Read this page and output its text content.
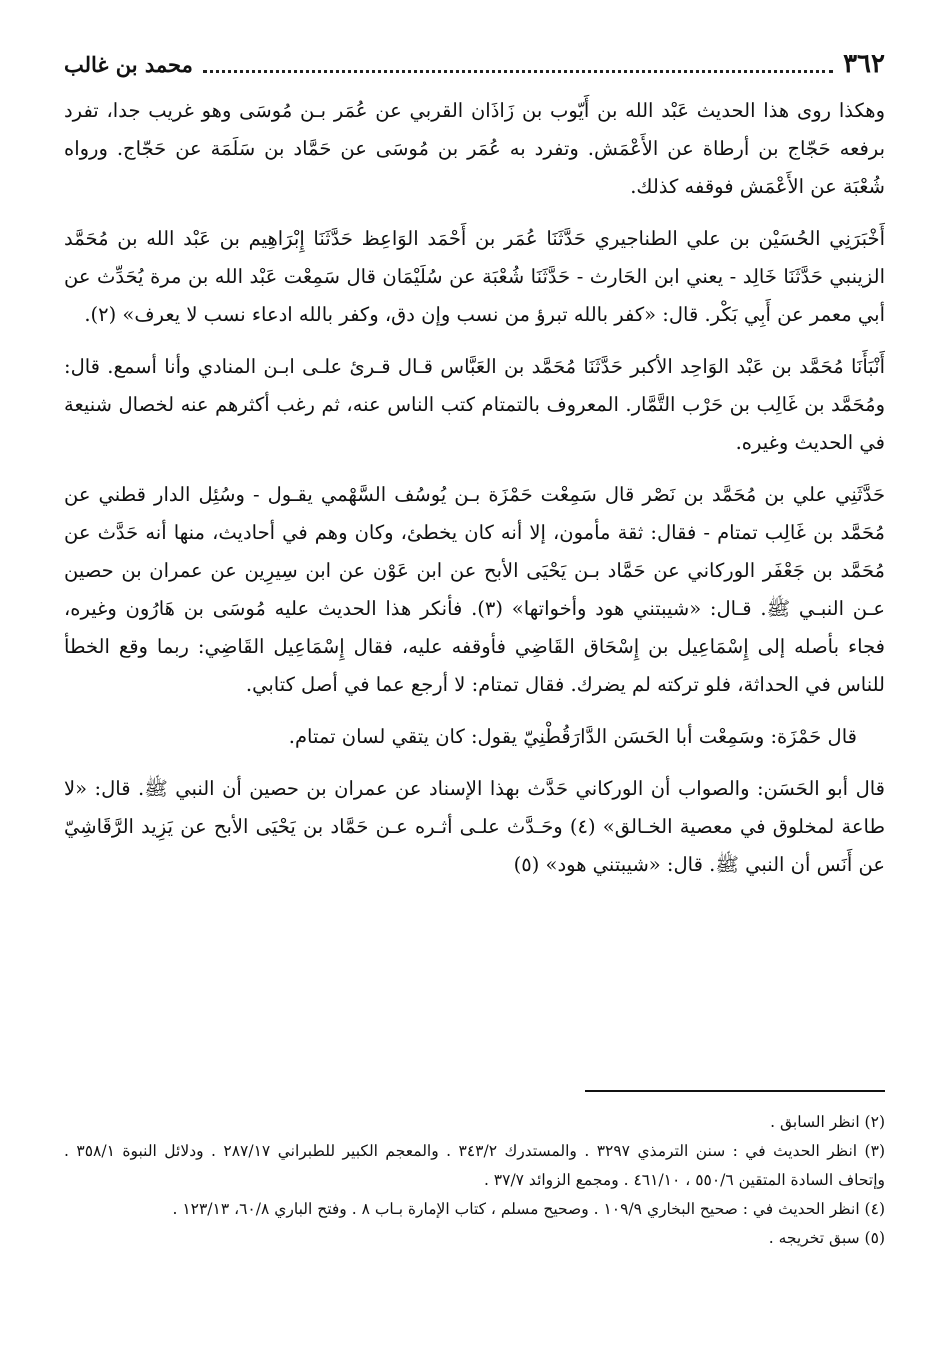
٣٦٢
محمد بن غالب

وهكذا روى هذا الحديث عَبْد الله بن أَيّوب بن زَاذَان القربي عن عُمَر بـن مُوسَى وهو غريب جدا، تفرد برفعه حَجّاج بن أرطاة عن الأَعْمَش. وتفرد به عُمَر بن مُوسَى عن حَمَّاد بن سَلَمَة عن حَجّاج. ورواه شُعْبَة عن الأَعْمَش فوقفه كذلك.

أَخْبَرَنِي الحُسَيْن بن علي الطناجيري حَدَّثَنَا عُمَر بن أَحْمَد الوَاعِظ حَدَّثَنَا إِبْرَاهِيم بن عَبْد الله بن مُحَمَّد الزينبي حَدَّثَنَا خَالِد - يعني ابن الحَارث - حَدَّثَنَا شُعْبَة عن سُلَيْمَان قال سَمِعْت عَبْد الله بن مرة يُحَدِّث عن أبي معمر عن أَبِي بَكْر. قال: «كفر بالله تبرؤ من نسب وإن دق، وكفر بالله ادعاء نسب لا يعرف» (٢).

أَنْبَأَنَا مُحَمَّد بن عَبْد الوَاحِد الأكبر حَدَّثَنَا مُحَمَّد بن العَبَّاس قـال قـرئ علـى ابـن المنادي وأنا أسمع. قال: ومُحَمَّد بن غَالِب بن حَرْب التَّمَّار. المعروف بالتمتام كتب الناس عنه، ثم رغب أكثرهم عنه لخصال شنيعة في الحديث وغيره.

حَدَّثَنِي علي بن مُحَمَّد بن نَصْر قال سَمِعْت حَمْزَة بـن يُوسُف السَّهْمي يقـول - وسُئِل الدار قطني عن مُحَمَّد بن غَالِب تمتام - فقال: ثقة مأمون، إلا أنه كان يخطئ، وكان وهم في أحاديث، منها أنه حَدَّث عن مُحَمَّد بن جَعْفَر الوركاني عن حَمَّاد بـن يَحْيَى الأبح عن ابن عَوْن عن ابن سِيرِين عن عمران بن حصين عـن النبـي ﷺ. قـال: «شيبتني هود وأخواتها» (٣). فأنكر هذا الحديث عليه مُوسَى بن هَارُون وغيره، فجاء بأصله إلى إِسْمَاعِيل بن إِسْحَاق القَاضِي فأوقفه عليه، فقال إِسْمَاعِيل القَاضِي: ربما وقع الخطأ للناس في الحداثة، فلو تركته لم يضرك. فقال تمتام: لا أرجع عما في أصل كتابي.

قال حَمْزَة: وسَمِعْت أبا الحَسَن الدَّارَقُطْنِيّ يقول: كان يتقي لسان تمتام.

قال أبو الحَسَن: والصواب أن الوركاني حَدَّث بهذا الإسناد عن عمران بن حصين أن النبي ﷺ. قال: «لا طاعة لمخلوق في معصية الخـالق» (٤) وحَـدَّث علـى أثـره عـن حَمَّاد بن يَحْيَى الأبح عن يَزِيد الرَّقَاشِيّ عن أَنَس أن النبي ﷺ. قال: «شيبتني هود» (٥)

(٢) انظر السابق .

(٣) انظر الحديث في : سنن الترمذي ٣٢٩٧ . والمستدرك ٣٤٣/٢ . والمعجم الكبير للطبراني ٢٨٧/١٧ . ودلائل النبوة ٣٥٨/١ . وإتحاف السادة المتقين ٥٥٠/٦ ، ٤٦١/١٠ . ومجمع الزوائد ٣٧/٧ .

(٤) انظر الحديث في : صحيح البخاري ١٠٩/٩ . وصحيح مسلم ، كتاب الإمارة بـاب ٨ . وفتح الباري ٦٠/٨، ١٢٣/١٣ .

(٥) سبق تخريجه .
